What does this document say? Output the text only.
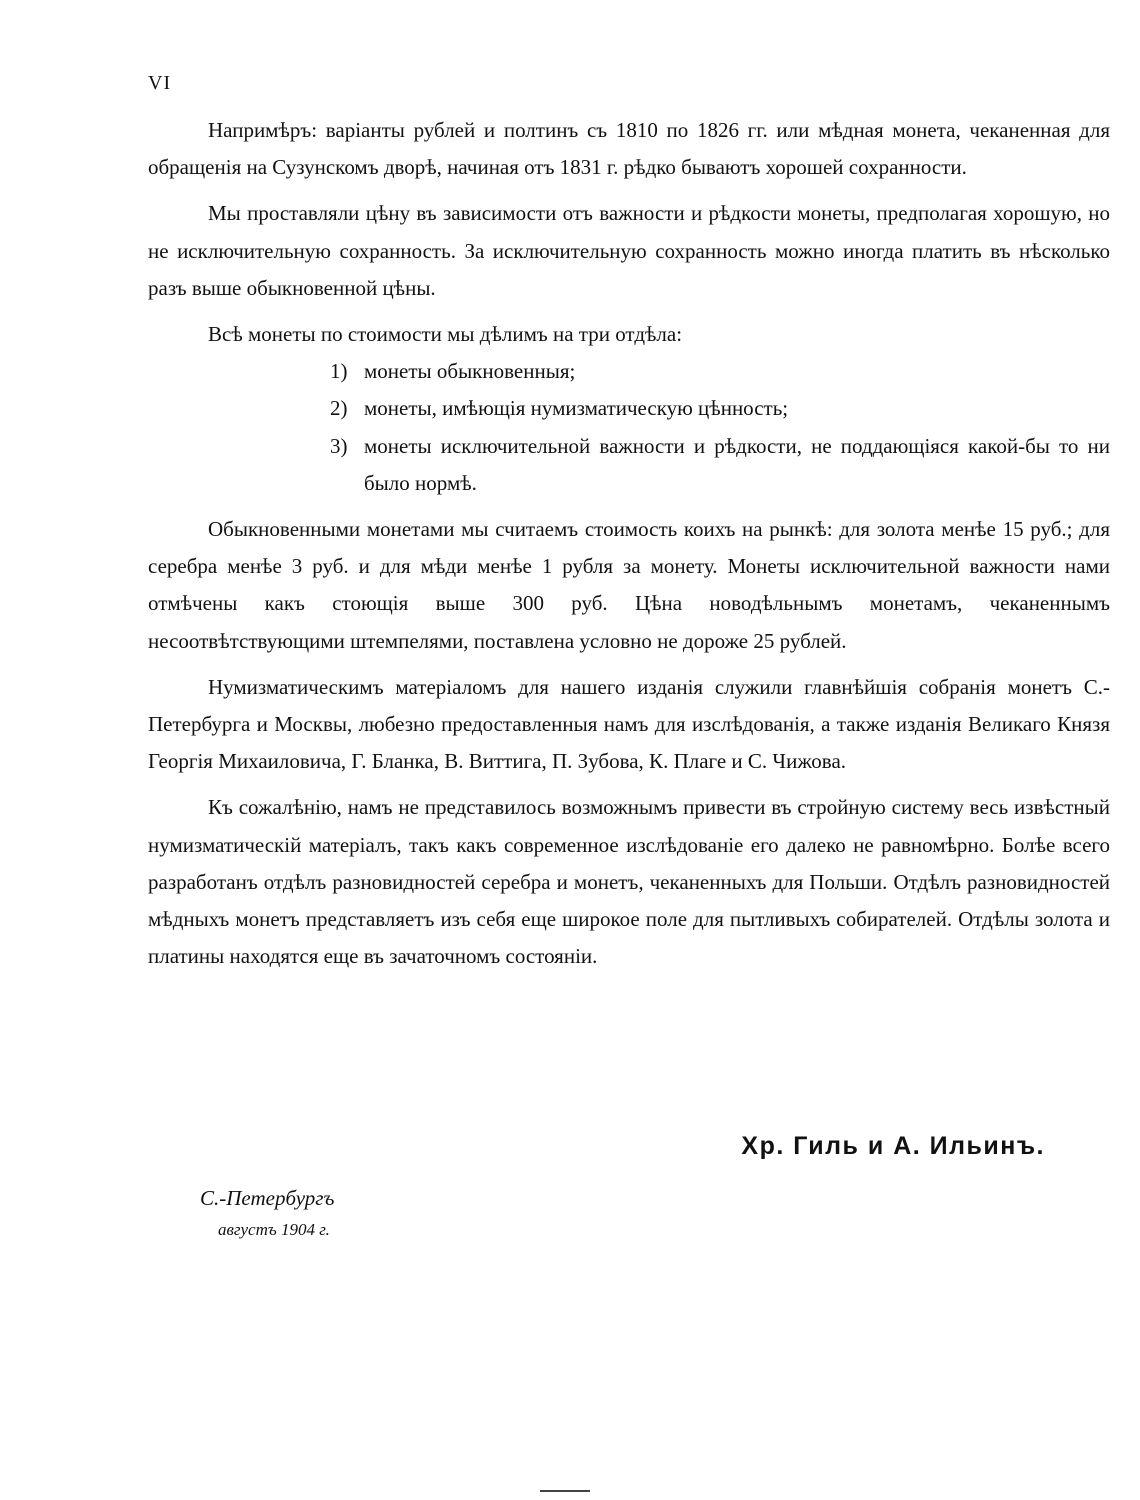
VI

Напримѣръ: варіанты рублей и полтинъ съ 1810 по 1826 гг. или мѣдная монета, чеканенная для обращенія на Сузунскомъ дворѣ, начиная отъ 1831 г. рѣдко бываютъ хорошей сохранности.

Мы проставляли цѣну въ зависимости отъ важности и рѣдкости монеты, предполагая хорошую, но не исключительную сохранность. За исключительную сохранность можно иногда платить въ нѣсколько разъ выше обыкновенной цѣны.

Всѣ монеты по стоимости мы дѣлимъ на три отдѣла:

1) монеты обыкновенныя;
2) монеты, имѣющія нумизматическую цѣнность;
3) монеты исключительной важности и рѣдкости, не поддающіяся какой-бы то ни было нормѣ.

Обыкновенными монетами мы считаемъ стоимость коихъ на рынкѣ: для золота менѣе 15 руб.; для серебра менѣе 3 руб. и для мѣди менѣе 1 рубля за монету. Монеты исключительной важности нами отмѣчены какъ стоющія выше 300 руб. Цѣна новодѣльнымъ монетамъ, чеканеннымъ несоотвѣтствующими штемпелями, поставлена условно не дороже 25 рублей.

Нумизматическимъ матеріаломъ для нашего изданія служили главнѣйшія собранія монетъ С.-Петербурга и Москвы, любезно предоставленныя намъ для изслѣдованія, а также изданія Великаго Князя Георгія Михаиловича, Г. Бланка, В. Виттига, П. Зубова, К. Плаге и С. Чижова.

Къ сожалѣнію, намъ не представилось возможнымъ привести въ стройную систему весь извѣстный нумизматическій матеріалъ, такъ какъ современное изслѣдованіе его далеко не равномѣрно. Болѣе всего разработанъ отдѣлъ разновидностей серебра и монетъ, чеканенныхъ для Польши. Отдѣлъ разновидностей мѣдныхъ монетъ представляетъ изъ себя еще широкое поле для пытливыхъ собирателей. Отдѣлы золота и платины находятся еще въ зачаточномъ состояніи.

Хр. Гиль и А. Ильинъ.
С.-Петербургъ
августъ 1904 г.
